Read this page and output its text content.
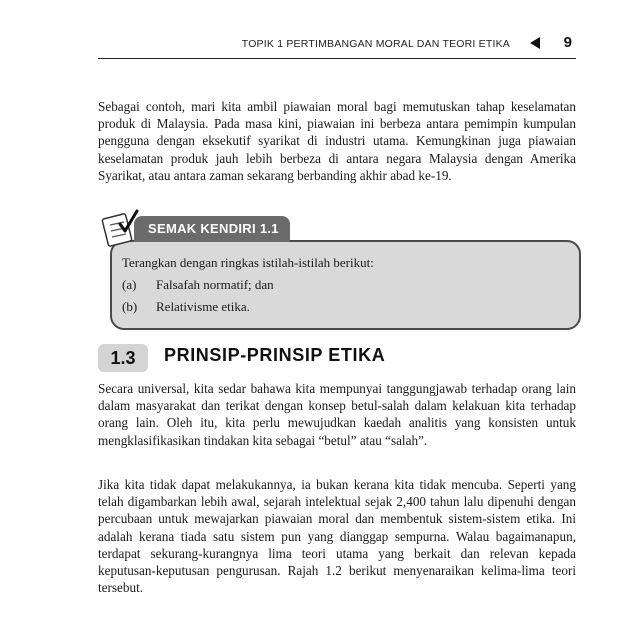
TOPIK 1 PERTIMBANGAN MORAL DAN TEORI ETIKA	9

Sebagai contoh, mari kita ambil piawaian moral bagi memutuskan tahap keselamatan produk di Malaysia. Pada masa kini, piawaian ini berbeza antara pemimpin kumpulan pengguna dengan eksekutif syarikat di industri utama. Kemungkinan juga piawaian keselamatan produk jauh lebih berbeza di antara negara Malaysia dengan Amerika Syarikat, atau antara zaman sekarang berbanding akhir abad ke-19.

SEMAK KENDIRI 1.1
Terangkan dengan ringkas istilah-istilah berikut:
(a) Falsafah normatif; dan
(b) Relativisme etika.
1.3	PRINSIP-PRINSIP ETIKA

Secara universal, kita sedar bahawa kita mempunyai tanggungjawab terhadap orang lain dalam masyarakat dan terikat dengan konsep betul-salah dalam kelakuan kita terhadap orang lain. Oleh itu, kita perlu mewujudkan kaedah analitis yang konsisten untuk mengklasifikasikan tindakan kita sebagai “betul” atau “salah”.

Jika kita tidak dapat melakukannya, ia bukan kerana kita tidak mencuba. Seperti yang telah digambarkan lebih awal, sejarah intelektual sejak 2,400 tahun lalu dipenuhi dengan percubaan untuk mewajarkan piawaian moral dan membentuk sistem-sistem etika. Ini adalah kerana tiada satu sistem pun yang dianggap sempurna. Walau bagaimanapun, terdapat sekurang-kurangnya lima teori utama yang berkait dan relevan kepada keputusan-keputusan pengurusan. Rajah 1.2 berikut menyenaraikan kelima-lima teori tersebut.
